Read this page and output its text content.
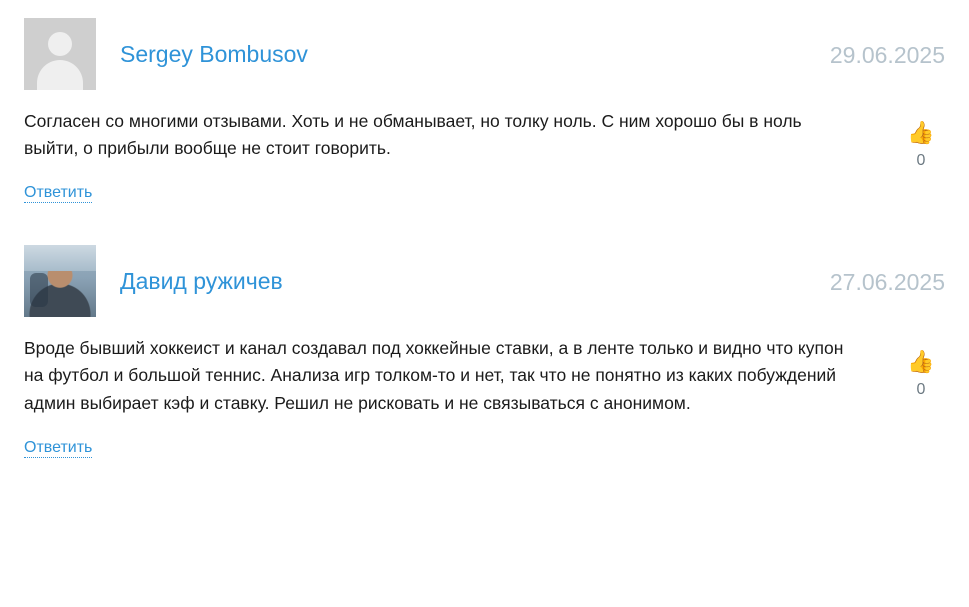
Sergey Bombusov	29.06.2025
Согласен со многими отзывами. Хоть и не обманывает, но толку ноль. С ним хорошо бы в ноль выйти, о прибыли вообще не стоит говорить.
Ответить
👍
0
Давид ружичев	27.06.2025
Вроде бывший хоккеист и канал создавал под хоккейные ставки, а в ленте только и видно что купон на футбол и большой теннис. Анализа игр толком-то и нет, так что не понятно из каких побуждений админ выбирает кэф и ставку. Решил не рисковать и не связываться с анонимом.
Ответить
👍
0
